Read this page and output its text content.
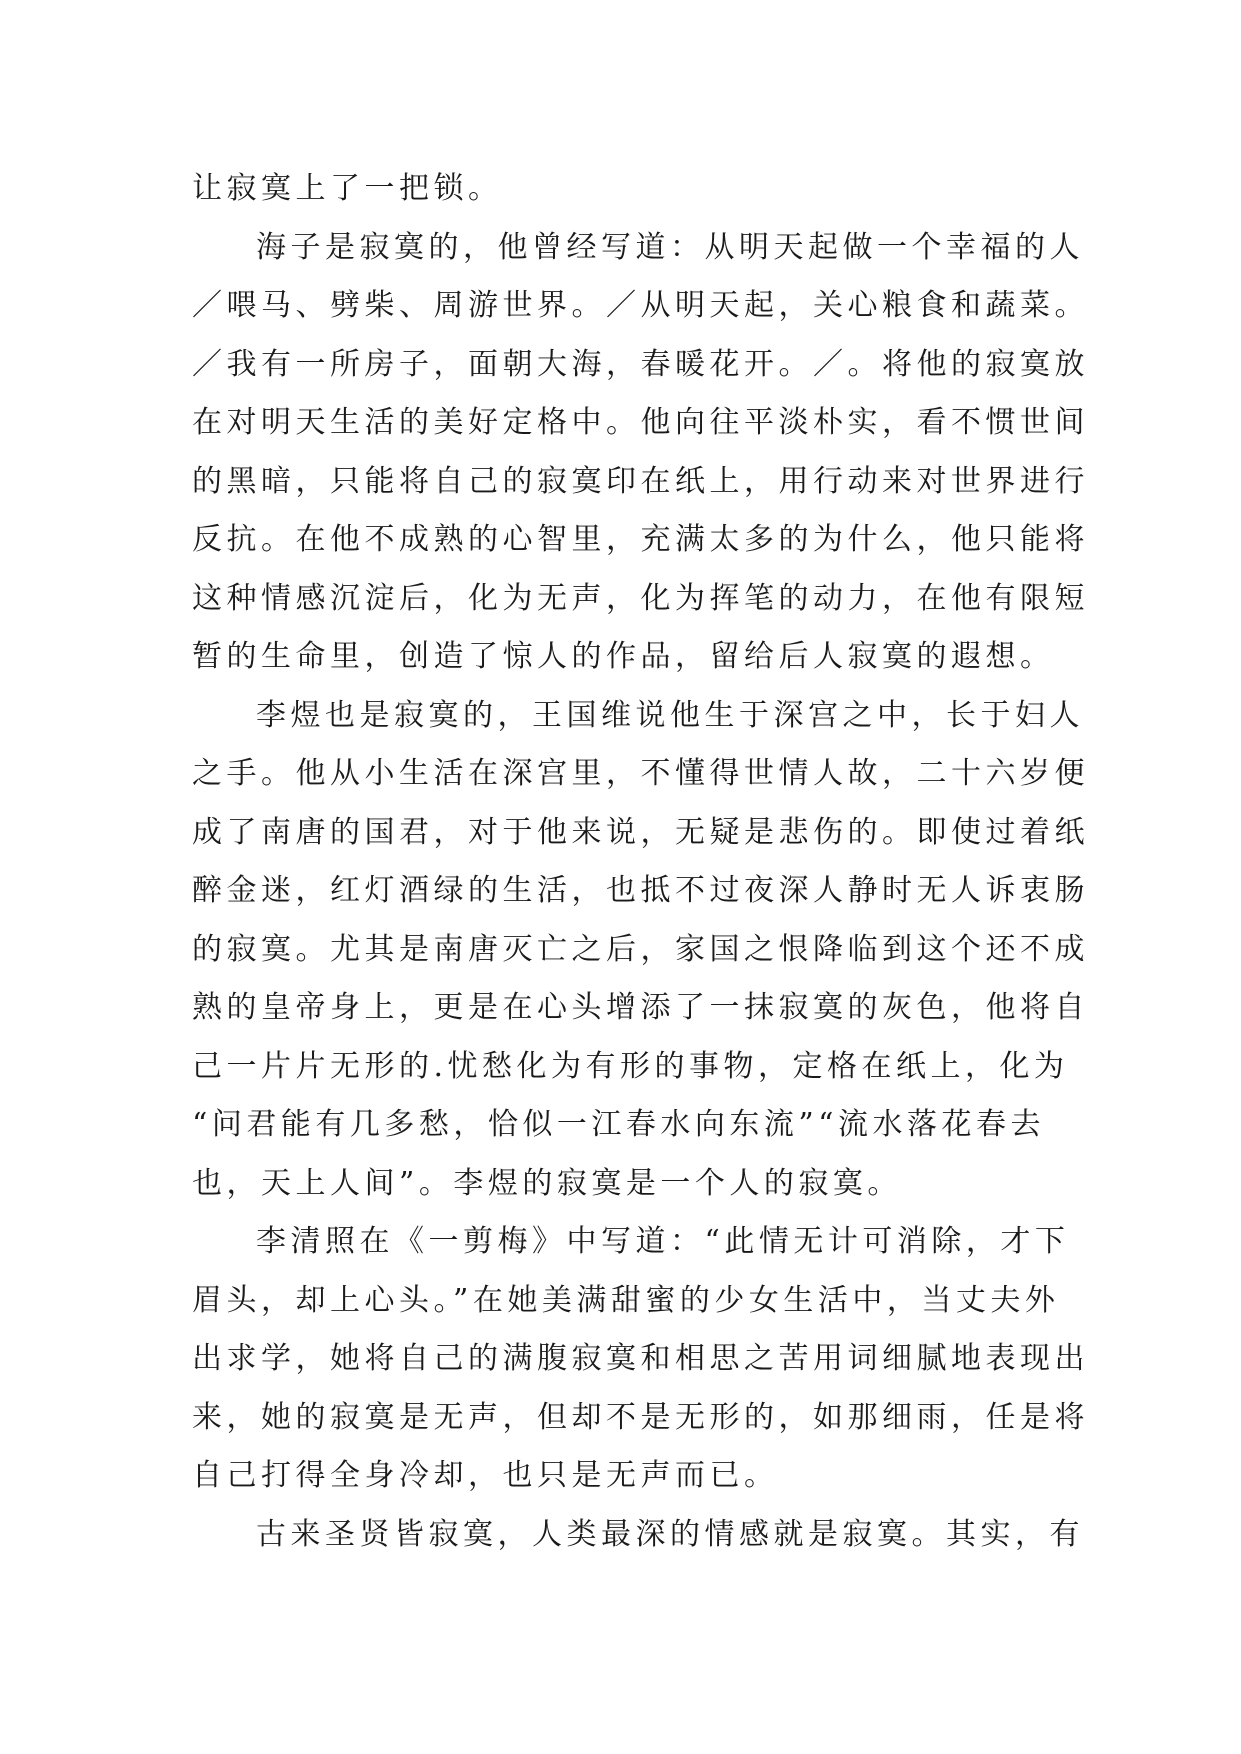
让寂寞上了一把锁。
海子是寂寞的，他曾经写道：从明天起做一个幸福的人
／喂马、劈柴、周游世界。／从明天起，关心粮食和蔬菜。
／我有一所房子，面朝大海，春暖花开。／。将他的寂寞放
在对明天生活的美好定格中。他向往平淡朴实，看不惯世间
的黑暗，只能将自己的寂寞印在纸上，用行动来对世界进行
反抗。在他不成熟的心智里，充满太多的为什么，他只能将
这种情感沉淀后，化为无声，化为挥笔的动力，在他有限短
暂的生命里，创造了惊人的作品，留给后人寂寞的遐想。
李煜也是寂寞的，王国维说他生于深宫之中，长于妇人
之手。他从小生活在深宫里，不懂得世情人故，二十六岁便
成了南唐的国君，对于他来说，无疑是悲伤的。即使过着纸
醉金迷，红灯酒绿的生活，也抵不过夜深人静时无人诉衷肠
的寂寞。尤其是南唐灭亡之后，家国之恨降临到这个还不成
熟的皇帝身上，更是在心头增添了一抹寂寞的灰色，他将自
己一片片无形的.忧愁化为有形的事物，定格在纸上，化为
“问君能有几多愁，恰似一江春水向东流”“流水落花春去
也，天上人间”。李煜的寂寞是一个人的寂寞。
李清照在《一剪梅》中写道：“此情无计可消除，才下
眉头，却上心头。”在她美满甜蜜的少女生活中，当丈夫外
出求学，她将自己的满腹寂寞和相思之苦用词细腻地表现出
来，她的寂寞是无声，但却不是无形的，如那细雨，任是将
自己打得全身冷却，也只是无声而已。
古来圣贤皆寂寞，人类最深的情感就是寂寞。其实，有
